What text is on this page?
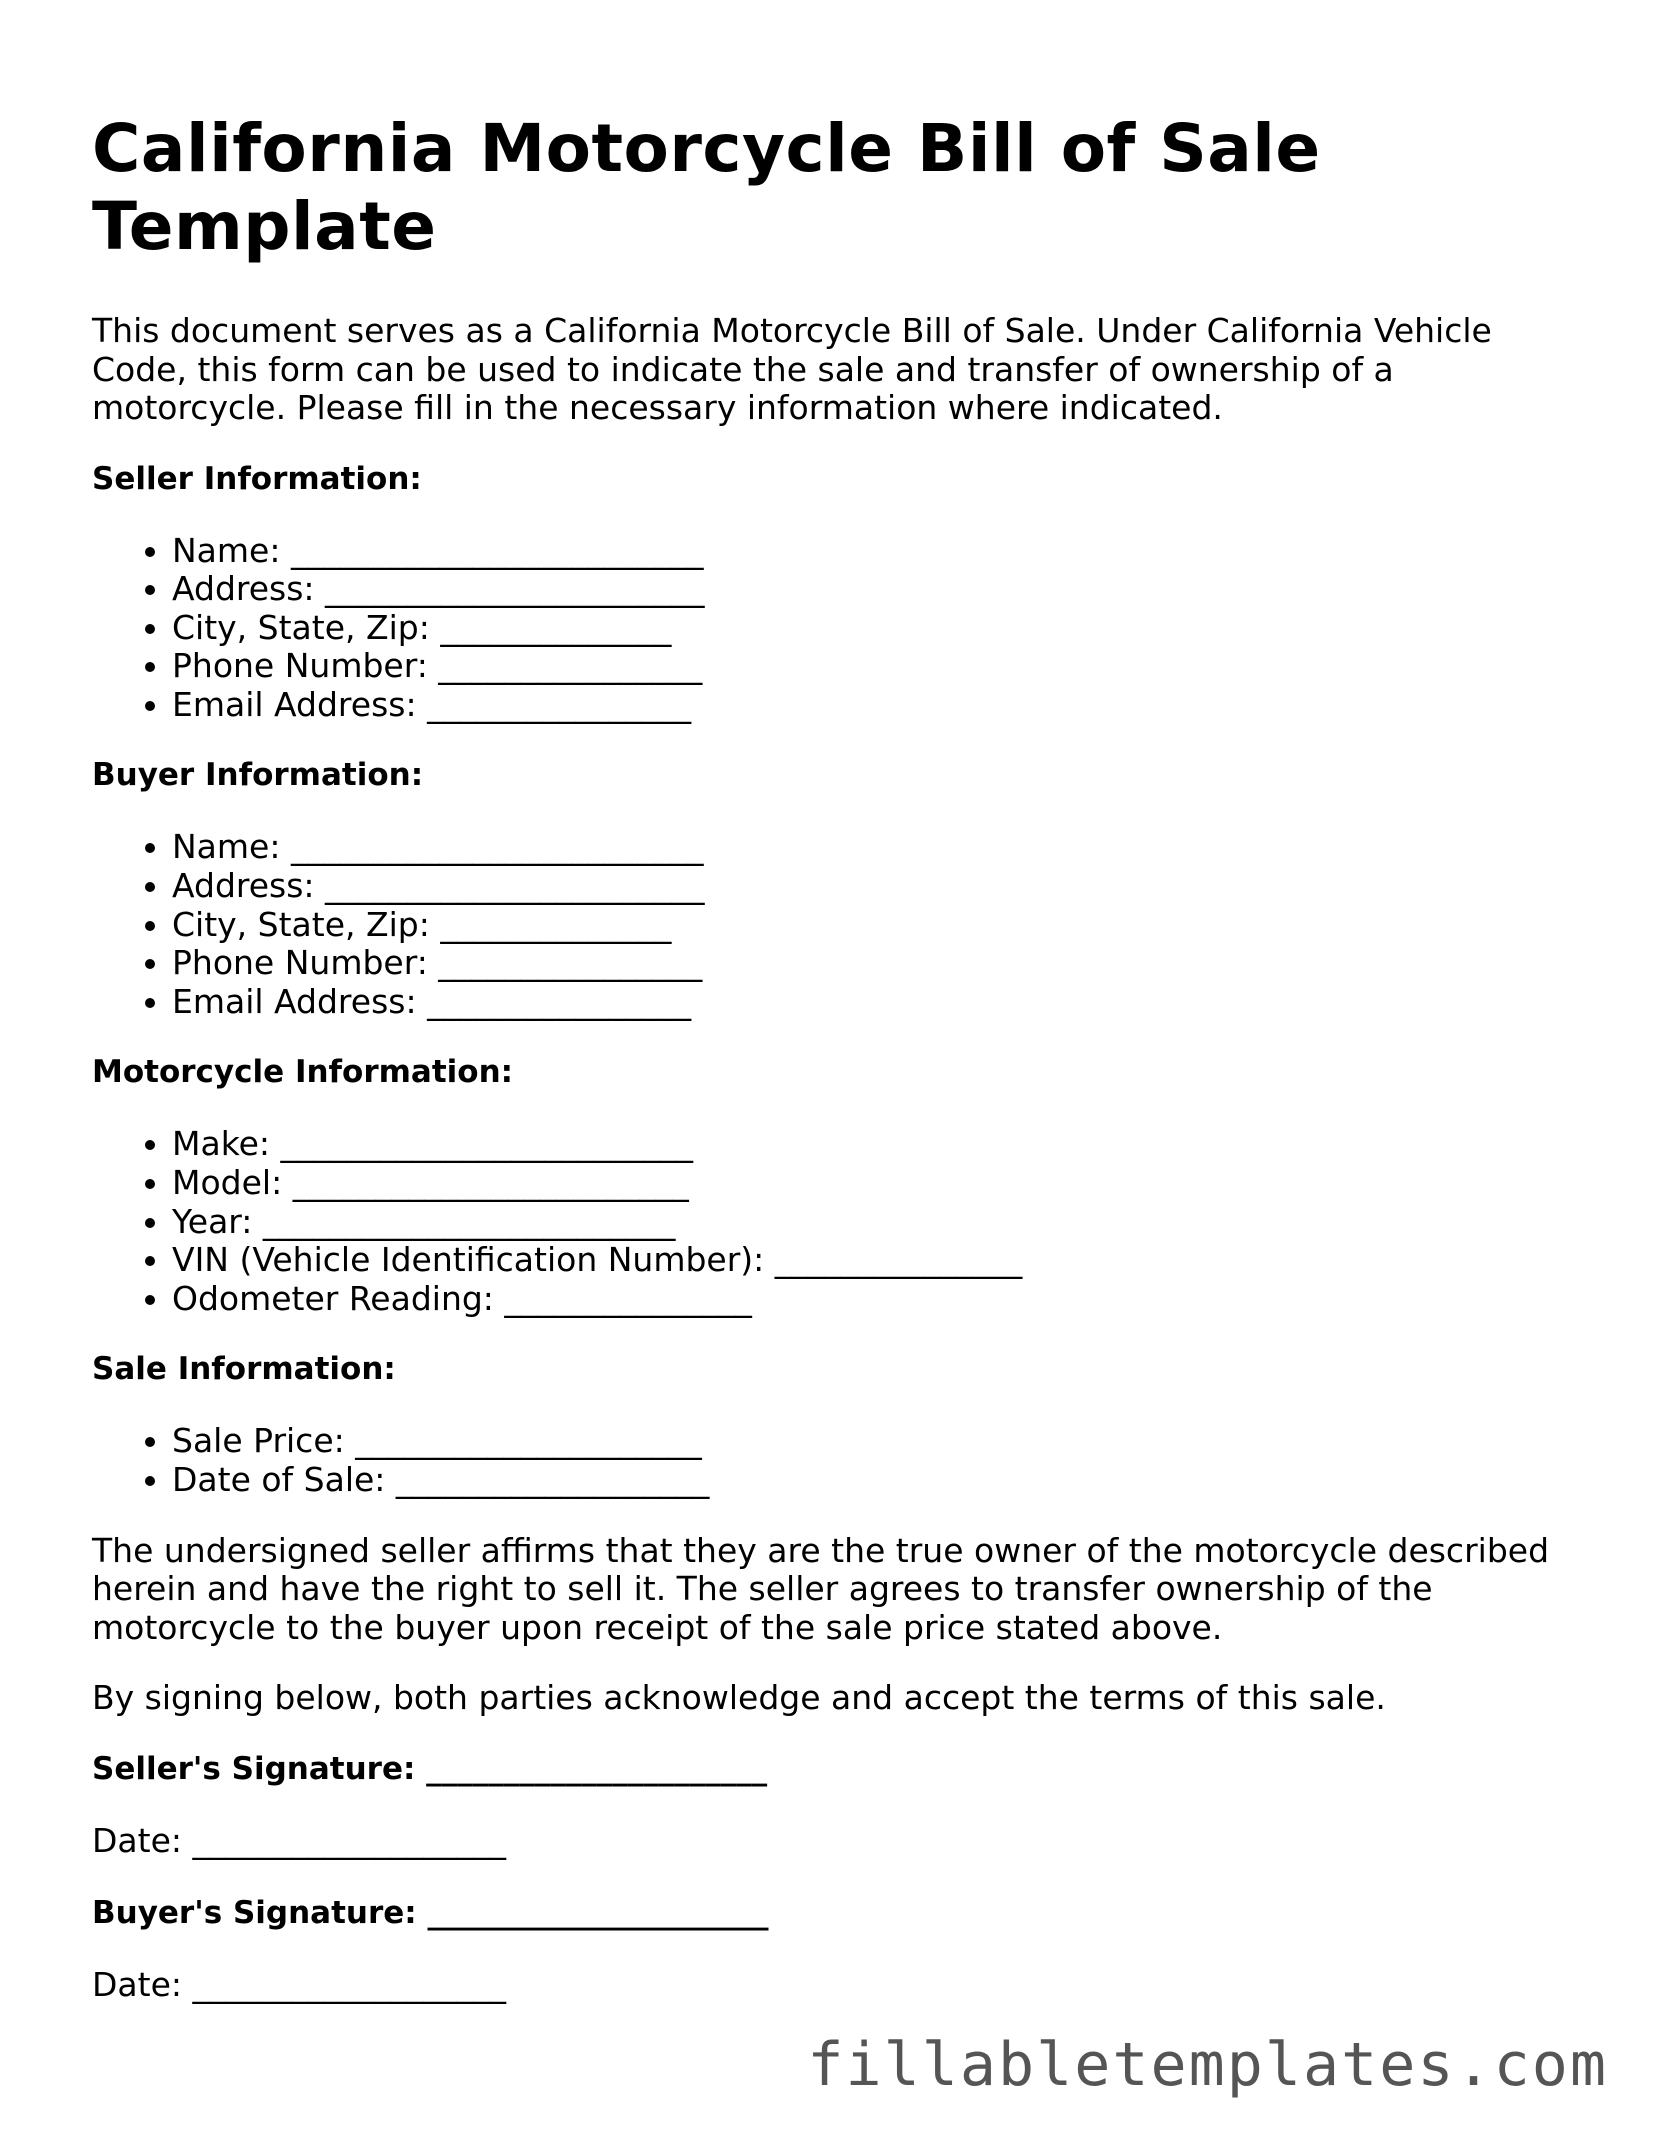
California Motorcycle Bill of Sale Template

This document serves as a California Motorcycle Bill of Sale. Under California Vehicle Code, this form can be used to indicate the sale and transfer of ownership of a motorcycle. Please fill in the necessary information where indicated.

Seller Information:
• Name: _________________________
• Address: _______________________
• City, State, Zip: ______________
• Phone Number: ________________
• Email Address: ________________
Buyer Information:
• Name: _________________________
• Address: _______________________
• City, State, Zip: ______________
• Phone Number: ________________
• Email Address: ________________
Motorcycle Information:
• Make: _________________________
• Model: ________________________
• Year: _________________________
• VIN (Vehicle Identification Number): _______________
• Odometer Reading: _______________
Sale Information:
• Sale Price: _____________________
• Date of Sale: ___________________

The undersigned seller affirms that they are the true owner of the motorcycle described herein and have the right to sell it. The seller agrees to transfer ownership of the motorcycle to the buyer upon receipt of the sale price stated above.

By signing below, both parties acknowledge and accept the terms of this sale.

Seller's Signature: ______________________
Date: ___________________
Buyer's Signature: ______________________
Date: ___________________
fillabletemplates.com
